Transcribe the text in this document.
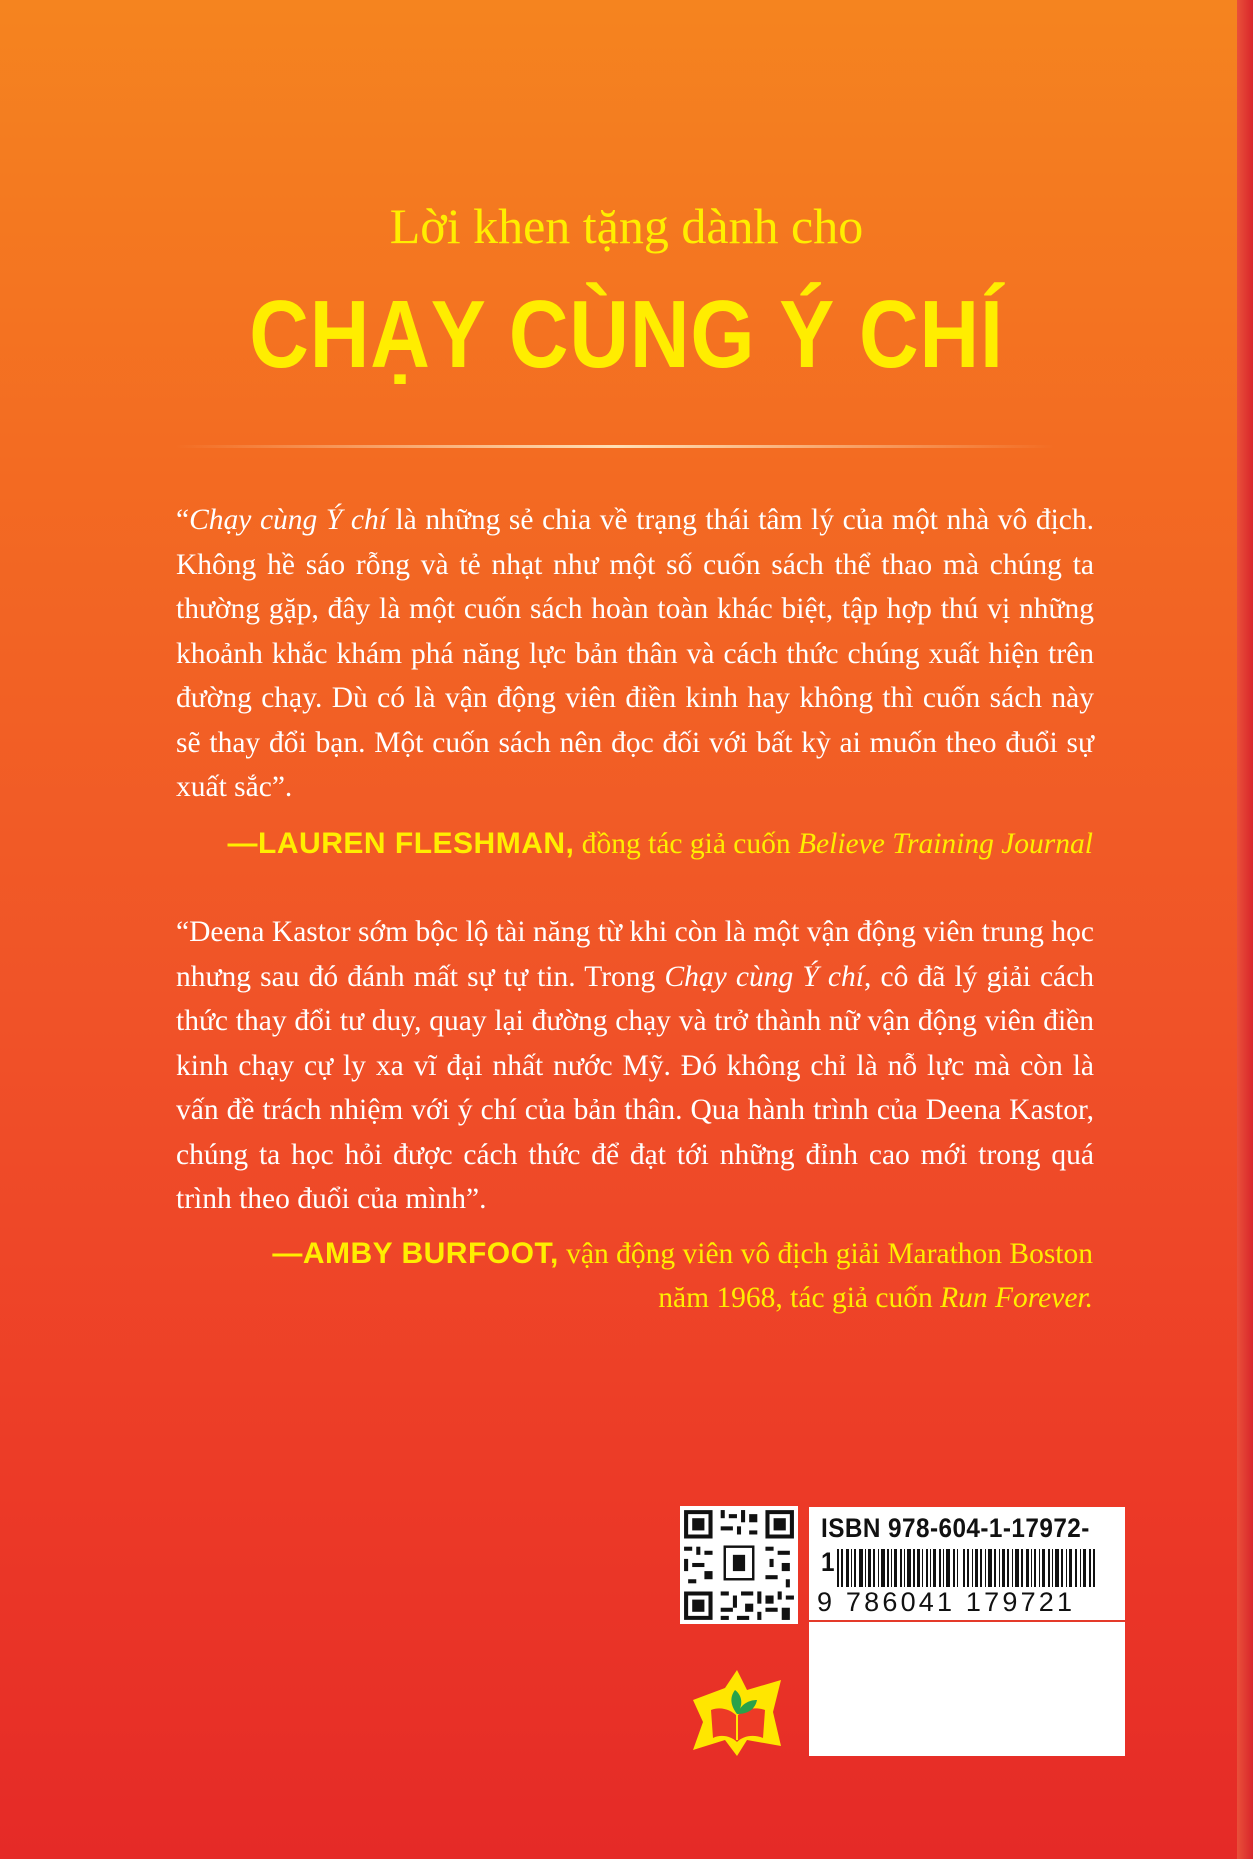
Lời khen tặng dành cho
CHẠY CÙNG Ý CHÍ
“Chạy cùng Ý chí là những sẻ chia về trạng thái tâm lý của một nhà vô địch. Không hề sáo rỗng và tẻ nhạt như một số cuốn sách thể thao mà chúng ta thường gặp, đây là một cuốn sách hoàn toàn khác biệt, tập hợp thú vị những khoảnh khắc khám phá năng lực bản thân và cách thức chúng xuất hiện trên đường chạy. Dù có là vận động viên điền kinh hay không thì cuốn sách này sẽ thay đổi bạn. Một cuốn sách nên đọc đối với bất kỳ ai muốn theo đuổi sự xuất sắc”.
—LAUREN FLESHMAN, đồng tác giả cuốn Believe Training Journal
“Deena Kastor sớm bộc lộ tài năng từ khi còn là một vận động viên trung học nhưng sau đó đánh mất sự tự tin. Trong Chạy cùng Ý chí, cô đã lý giải cách thức thay đổi tư duy, quay lại đường chạy và trở thành nữ vận động viên điền kinh chạy cự ly xa vĩ đại nhất nước Mỹ. Đó không chỉ là nỗ lực mà còn là vấn đề trách nhiệm với ý chí của bản thân. Qua hành trình của Deena Kastor, chúng ta học hỏi được cách thức để đạt tới những đỉnh cao mới trong quá trình theo đuổi của mình”.
—AMBY BURFOOT, vận động viên vô địch giải Marathon Boston
năm 1968, tác giả cuốn Run Forever.
ISBN 978-604-1-17972-1
9 786041 179721
